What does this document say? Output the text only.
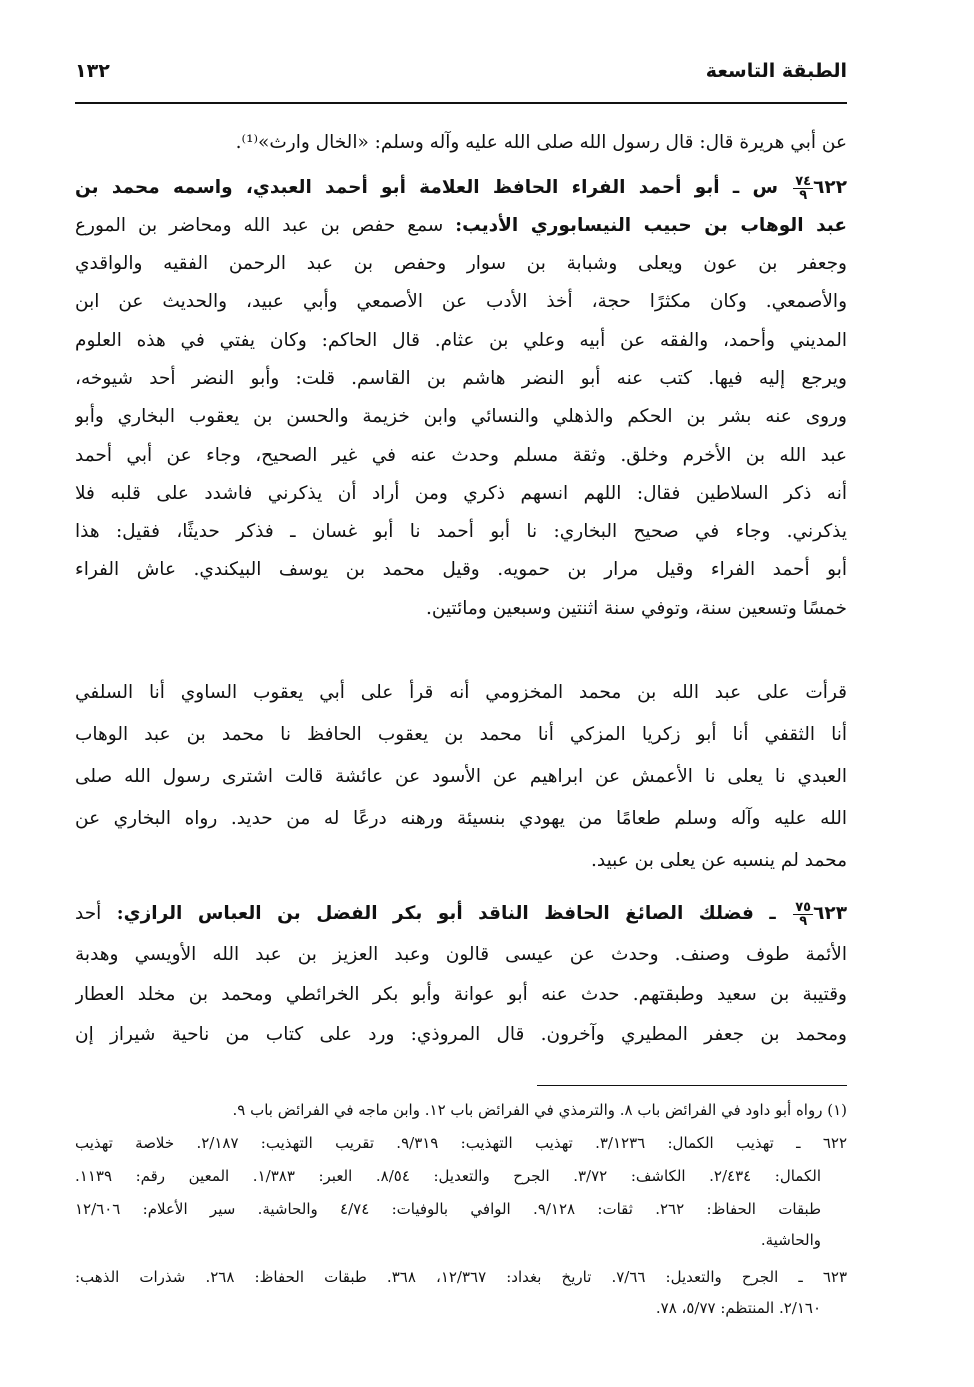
الطبقة التاسعة
١٣٢
عن أبي هريرة قال: قال رسول الله صلى الله عليه وآله وسلم: «الخال وارث»⁽¹⁾.
٦٢٢
$\frac{٧٤}{٩}$
س ـ أبو أحمد الفراء الحافظ العلامة أبو أحمد العبدي، واسمه محمد بن
عبد الوهاب بن حبيب النيسابوري الأديب: سمع حفص بن عبد الله ومحاضر بن المورع
وجعفر بن عون ويعلى وشبابة بن سوار وحفص بن عبد الرحمن الفقيه والواقدي
والأصمعي. وكان مكثرًا حجة، أخذ الأدب عن الأصمعي وأبي عبيد، والحديث عن ابن
المديني وأحمد، والفقه عن أبيه وعلي بن عثام. قال الحاكم: وكان يفتي في هذه العلوم
ويرجع إليه فيها. كتب عنه أبو النضر هاشم بن القاسم. قلت: وأبو النضر أحد شيوخه،
وروى عنه بشر بن الحكم والذهلي والنسائي وابن خزيمة والحسن بن يعقوب البخاري وأبو
عبد الله بن الأخرم وخلق. وثقة مسلم وحدث عنه في غير الصحيح، وجاء عن أبي أحمد
أنه ذكر السلاطين فقال: اللهم انسهم ذكري ومن أراد أن يذكرني فاشدد على قلبه فلا
يذكرني. وجاء في صحيح البخاري: نا أبو أحمد نا أبو غسان ـ فذكر حديثًا، فقيل: هذا
أبو أحمد الفراء وقيل مرار بن حمويه. وقيل محمد بن يوسف البيكندي. عاش الفراء
خمسًا وتسعين سنة، وتوفي سنة اثنتين وسبعين ومائتين.
قرأت على عبد الله بن محمد المخزومي أنه قرأ على أبي يعقوب الساوي أنا السلفي
أنا الثقفي أنا أبو زكريا المزكي أنا محمد بن يعقوب الحافظ نا محمد بن عبد الوهاب
العبدي نا يعلى نا الأعمش عن ابراهيم عن الأسود عن عائشة قالت اشترى رسول الله صلى
الله عليه وآله وسلم طعامًا من يهودي بنسيئة ورهنه درعًا له من حديد. رواه البخاري عن
محمد لم ينسبه عن يعلى بن عبيد.
٦٢٣
$\frac{٧٥}{٩}$
ـ فضلك الصائغ الحافظ الناقد أبو بكر الفضل بن العباس الرازي: أحد
الأئمة طوف وصنف. وحدث عن عيسى قالون وعبد العزيز بن عبد الله الأويسي وهدبة
وقتيبة بن سعيد وطبقتهم. حدث عنه أبو عوانة وأبو بكر الخرائطي ومحمد بن مخلد العطار
ومحمد بن جعفر المطيري وآخرون. قال المروذي: ورد على كتاب من ناحية شيراز إن
(١) رواه أبو داود في الفرائض باب ٨. والترمذي في الفرائض باب ١٢. وابن ماجه في الفرائض باب ٩.
٦٢٢ ـ تهذيب الكمال: ٣/١٢٣٦. تهذيب التهذيب: ٩/٣١٩. تقريب التهذيب: ٢/١٨٧. خلاصة تهذيب
الكمال: ٢/٤٣٤. الكاشف: ٣/٧٢. الجرح والتعديل: ٨/٥٤. العبر: ١/٣٨٣. المعين رقم: ١١٣٩.
طبقات الحفاظ: ٢٦٢. ثقات: ٩/١٢٨. الوافي بالوفيات: ٤/٧٤ والحاشية. سير الأعلام: ١٢/٦٠٦
والحاشية.
٦٢٣ ـ الجرح والتعديل: ٧/٦٦. تاريخ بغداد: ١٢/٣٦٧، ٣٦٨. طبقات الحفاظ: ٢٦٨. شذرات الذهب:
٢/١٦٠. المنتظم: ٥/٧٧، ٧٨.
